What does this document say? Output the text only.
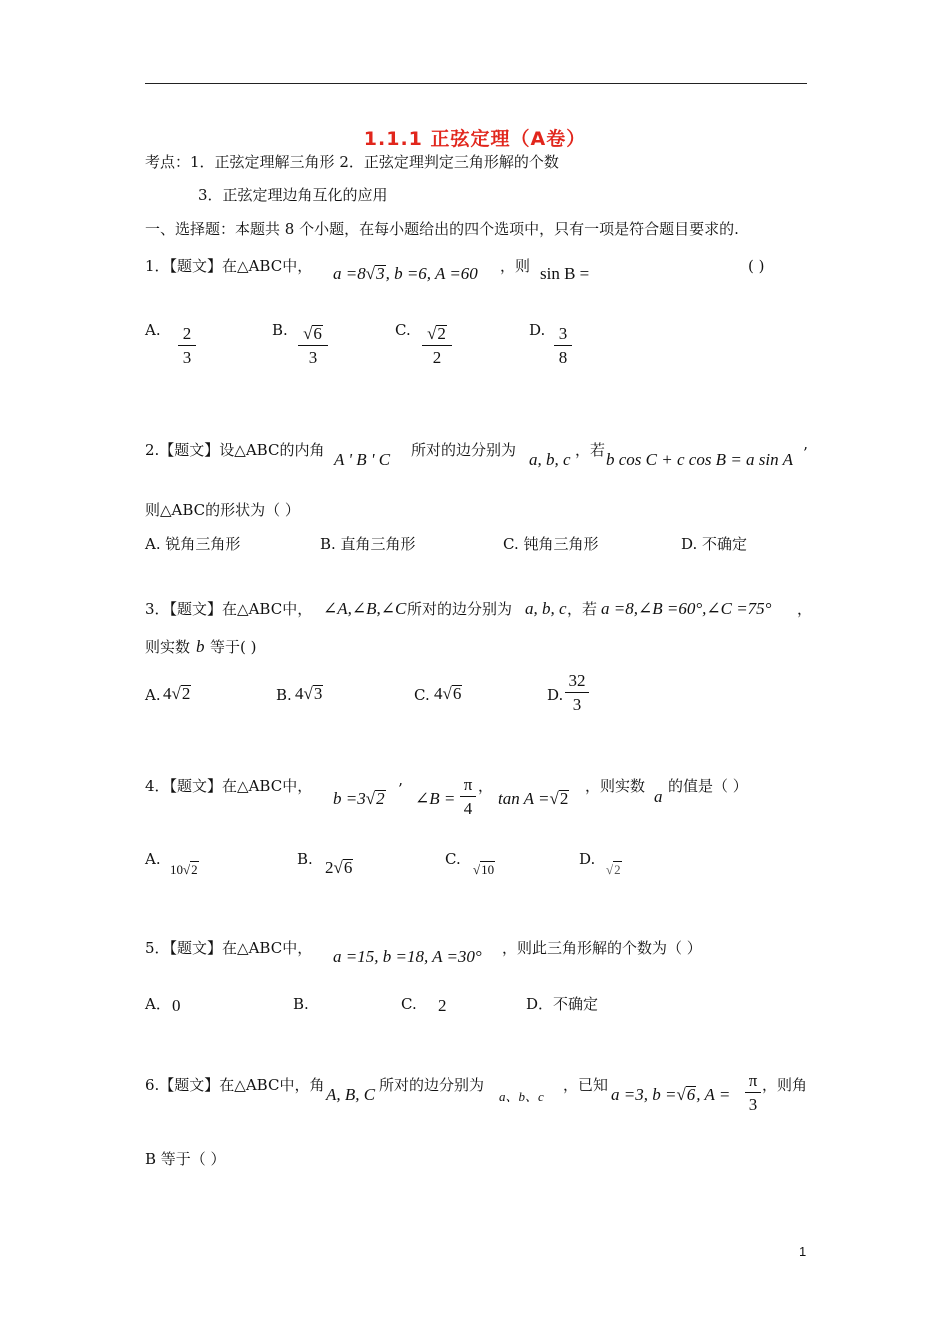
1.1.1 正弦定理（A卷）
考点：1．正弦定理解三角形 2．正弦定理判定三角形解的个数
3．正弦定理边角互化的应用
一、选择题：本题共 8 个小题，在每小题给出的四个选项中，只有一项是符合题目要求的.
1．【题文】在△ABC中， a =8√3, b =6, A =60 ，则 sin B =	( )
A. $\frac{2}{3}$	B. $\frac{√6}{3}$	C. $\frac{√2}{2}$	D. $\frac{3}{8}$
2.【题文】设△ABC的内角 A ' B ' C 所对的边分别为 a, b, c ，若 b cos C + c cos B = a sin A ’
则△ABC的形状为（ ）
A. 锐角三角形	B. 直角三角形	C. 钝角三角形	D. 不确定
3．【题文】在△ABC中， ∠A,∠B,∠C 所对的边分别为 a, b, c ，若 a =8,∠B =60°,∠C =75° ，
则实数 b 等于( )
A. 4√2	B. 4√3	C. 4√6	D. $\frac{32}{3}$
4．【题文】在△ABC中，
b =3√2 ’ ∠B = $\frac{\pi}{4}$ ，
tan A =√2
，则实数
a
的值是（ ）
A.
10√2
B. 2√6	C.
√10
D.
√2
5．【题文】在△ABC中， a =15, b =18, A =30° ，则此三角形解的个数为（ ）
A． 0	B.	C. 2	D． 不确定
6.【题文】在△ABC中，角 A, B, C 所对的边分别为
a、b、c
，已知 a =3, b =√6, $A = \frac{\pi}{3}$ ，则角
B 等于（ ）
1
